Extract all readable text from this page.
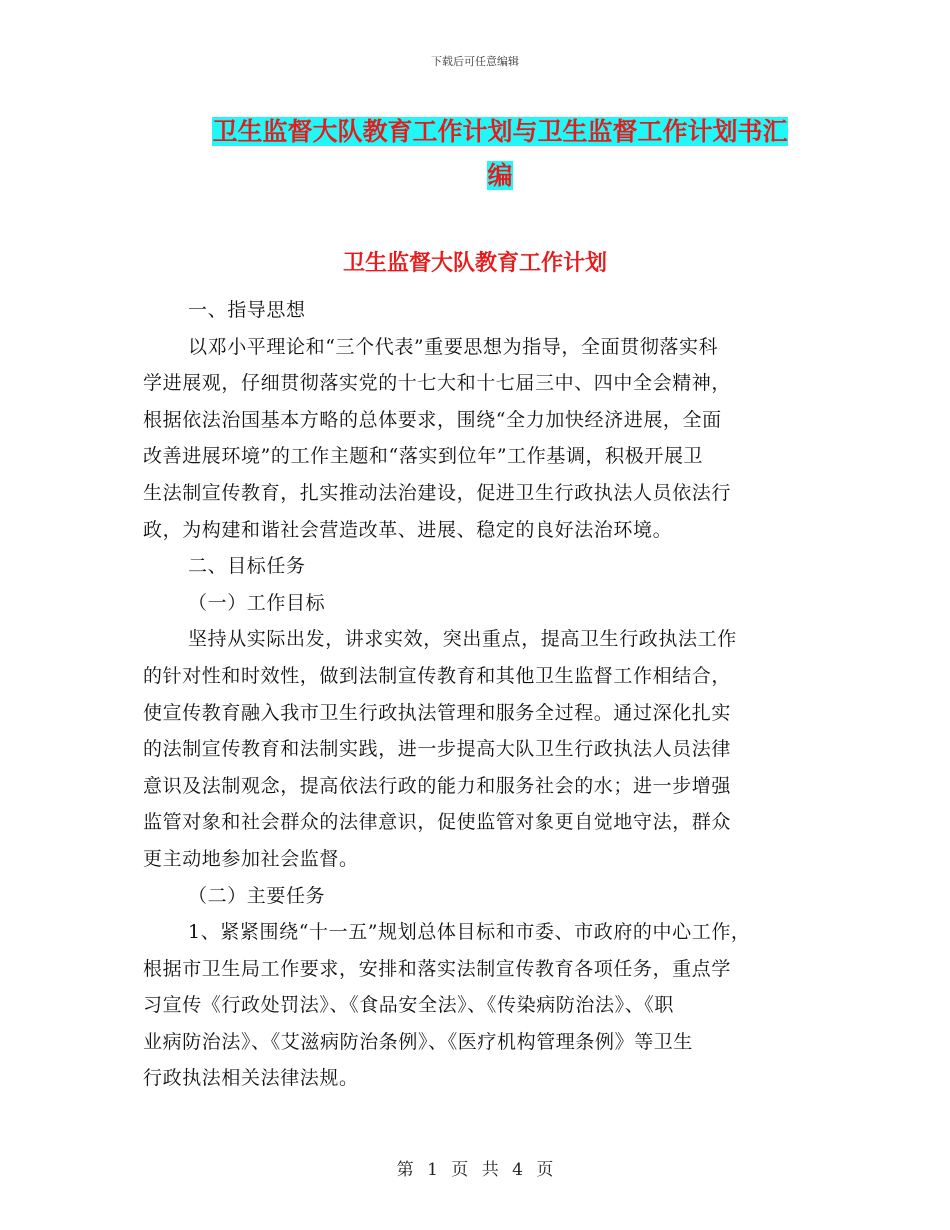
下载后可任意编辑
卫生监督大队教育工作计划与卫生监督工作计划书汇
编
卫生监督大队教育工作计划
一、指导思想
以邓小平理论和“三个代表”重要思想为指导，全面贯彻落实科
学进展观，仔细贯彻落实党的十七大和十七届三中、四中全会精神，
根据依法治国基本方略的总体要求，围绕“全力加快经济进展，全面
改善进展环境”的工作主题和“落实到位年”工作基调，积极开展卫
生法制宣传教育，扎实推动法治建设，促进卫生行政执法人员依法行
政，为构建和谐社会营造改革、进展、稳定的良好法治环境。
二、目标任务
（一）工作目标
坚持从实际出发，讲求实效，突出重点，提高卫生行政执法工作
的针对性和时效性，做到法制宣传教育和其他卫生监督工作相结合，
使宣传教育融入我市卫生行政执法管理和服务全过程。通过深化扎实
的法制宣传教育和法制实践，进一步提高大队卫生行政执法人员法律
意识及法制观念，提高依法行政的能力和服务社会的水；进一步增强
监管对象和社会群众的法律意识，促使监管对象更自觉地守法，群众
更主动地参加社会监督。
（二）主要任务
1、紧紧围绕“十一五”规划总体目标和市委、市政府的中心工作，
根据市卫生局工作要求，安排和落实法制宣传教育各项任务，重点学
习宣传《行政处罚法》、《食品安全法》、《传染病防治法》、《职
业病防治法》、《艾滋病防治条例》、《医疗机构管理条例》等卫生
行政执法相关法律法规。
第 1 页 共 4 页
